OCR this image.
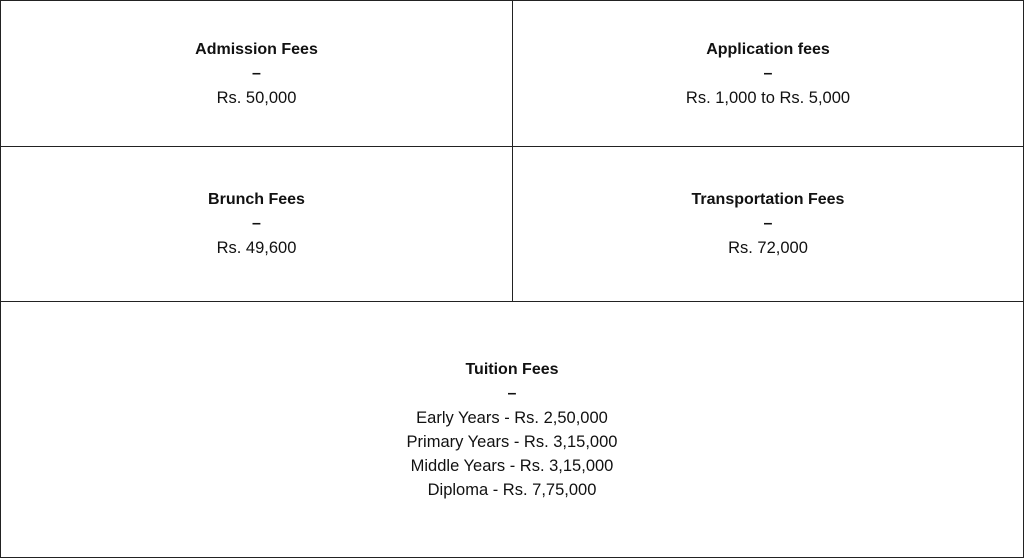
Admission Fees
–
Rs. 50,000
Application fees
–
Rs. 1,000 to Rs. 5,000
Brunch Fees
–
Rs. 49,600
Transportation Fees
–
Rs. 72,000
Tuition Fees
–
Early Years - Rs. 2,50,000
Primary Years - Rs. 3,15,000
Middle Years - Rs. 3,15,000
Diploma - Rs. 7,75,000
